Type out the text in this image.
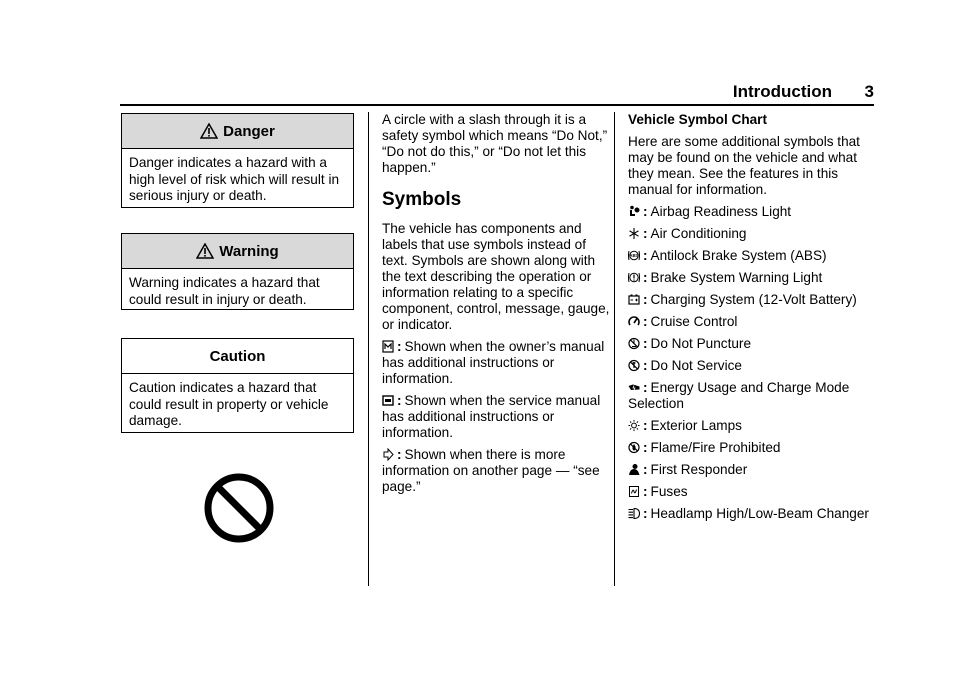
Introduction 3
Danger
Danger indicates a hazard with a high level of risk which will result in serious injury or death.
Warning
Warning indicates a hazard that could result in injury or death.
Caution
Caution indicates a hazard that could result in property or vehicle damage.

A circle with a slash through it is a safety symbol which means “Do Not,” “Do not do this,” or “Do not let this happen.”

Symbols

The vehicle has components and labels that use symbols instead of text. Symbols are shown along with the text describing the operation or information relating to a specific component, control, message, gauge, or indicator.

: Shown when the owner’s manual has additional instructions or information.

: Shown when the service manual has additional instructions or information.

: Shown when there is more information on another page — “see page.”

Vehicle Symbol Chart

Here are some additional symbols that may be found on the vehicle and what they mean. See the features in this manual for information.

: Airbag Readiness Light

: Air Conditioning

ABS : Antilock Brake System (ABS)

: Brake System Warning Light

: Charging System (12-Volt Battery)

: Cruise Control

: Do Not Puncture

: Do Not Service

: Energy Usage and Charge Mode Selection

: Exterior Lamps

: Flame/Fire Prohibited

: First Responder

: Fuses

: Headlamp High/Low-Beam Changer
